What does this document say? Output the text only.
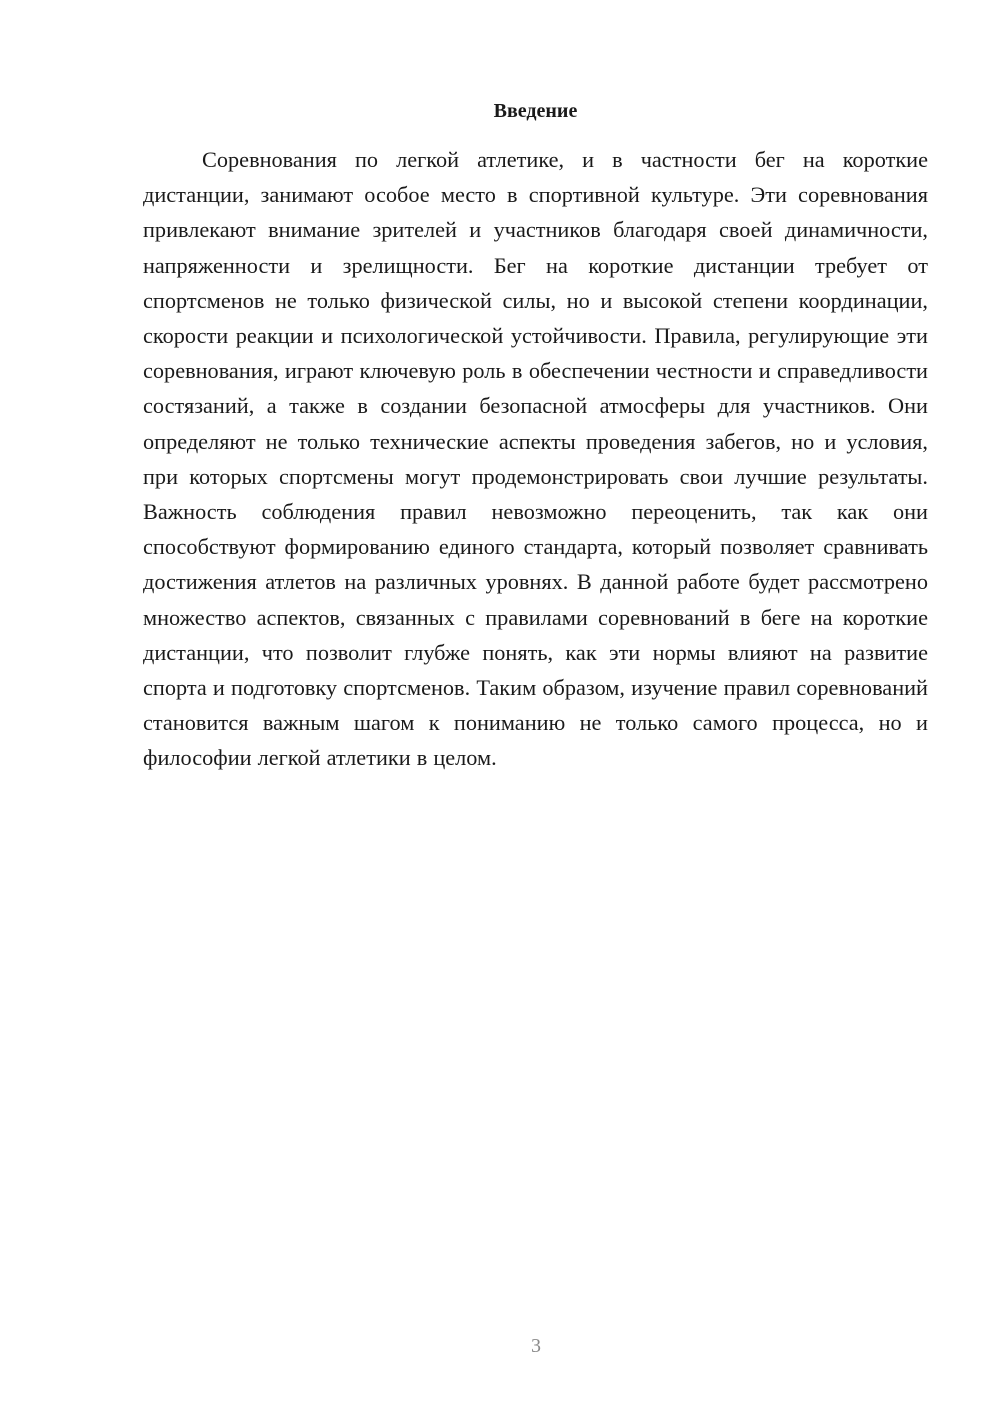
Введение

Соревнования по легкой атлетике, и в частности бег на короткие дистанции, занимают особое место в спортивной культуре. Эти соревнования привлекают внимание зрителей и участников благодаря своей динамичности, напряженности и зрелищности. Бег на короткие дистанции требует от спортсменов не только физической силы, но и высокой степени координации, скорости реакции и психологической устойчивости. Правила, регулирующие эти соревнования, играют ключевую роль в обеспечении честности и справедливости состязаний, а также в создании безопасной атмосферы для участников. Они определяют не только технические аспекты проведения забегов, но и условия, при которых спортсмены могут продемонстрировать свои лучшие результаты. Важность соблюдения правил невозможно переоценить, так как они способствуют формированию единого стандарта, который позволяет сравнивать достижения атлетов на различных уровнях. В данной работе будет рассмотрено множество аспектов, связанных с правилами соревнований в беге на короткие дистанции, что позволит глубже понять, как эти нормы влияют на развитие спорта и подготовку спортсменов. Таким образом, изучение правил соревнований становится важным шагом к пониманию не только самого процесса, но и философии легкой атлетики в целом.

3
